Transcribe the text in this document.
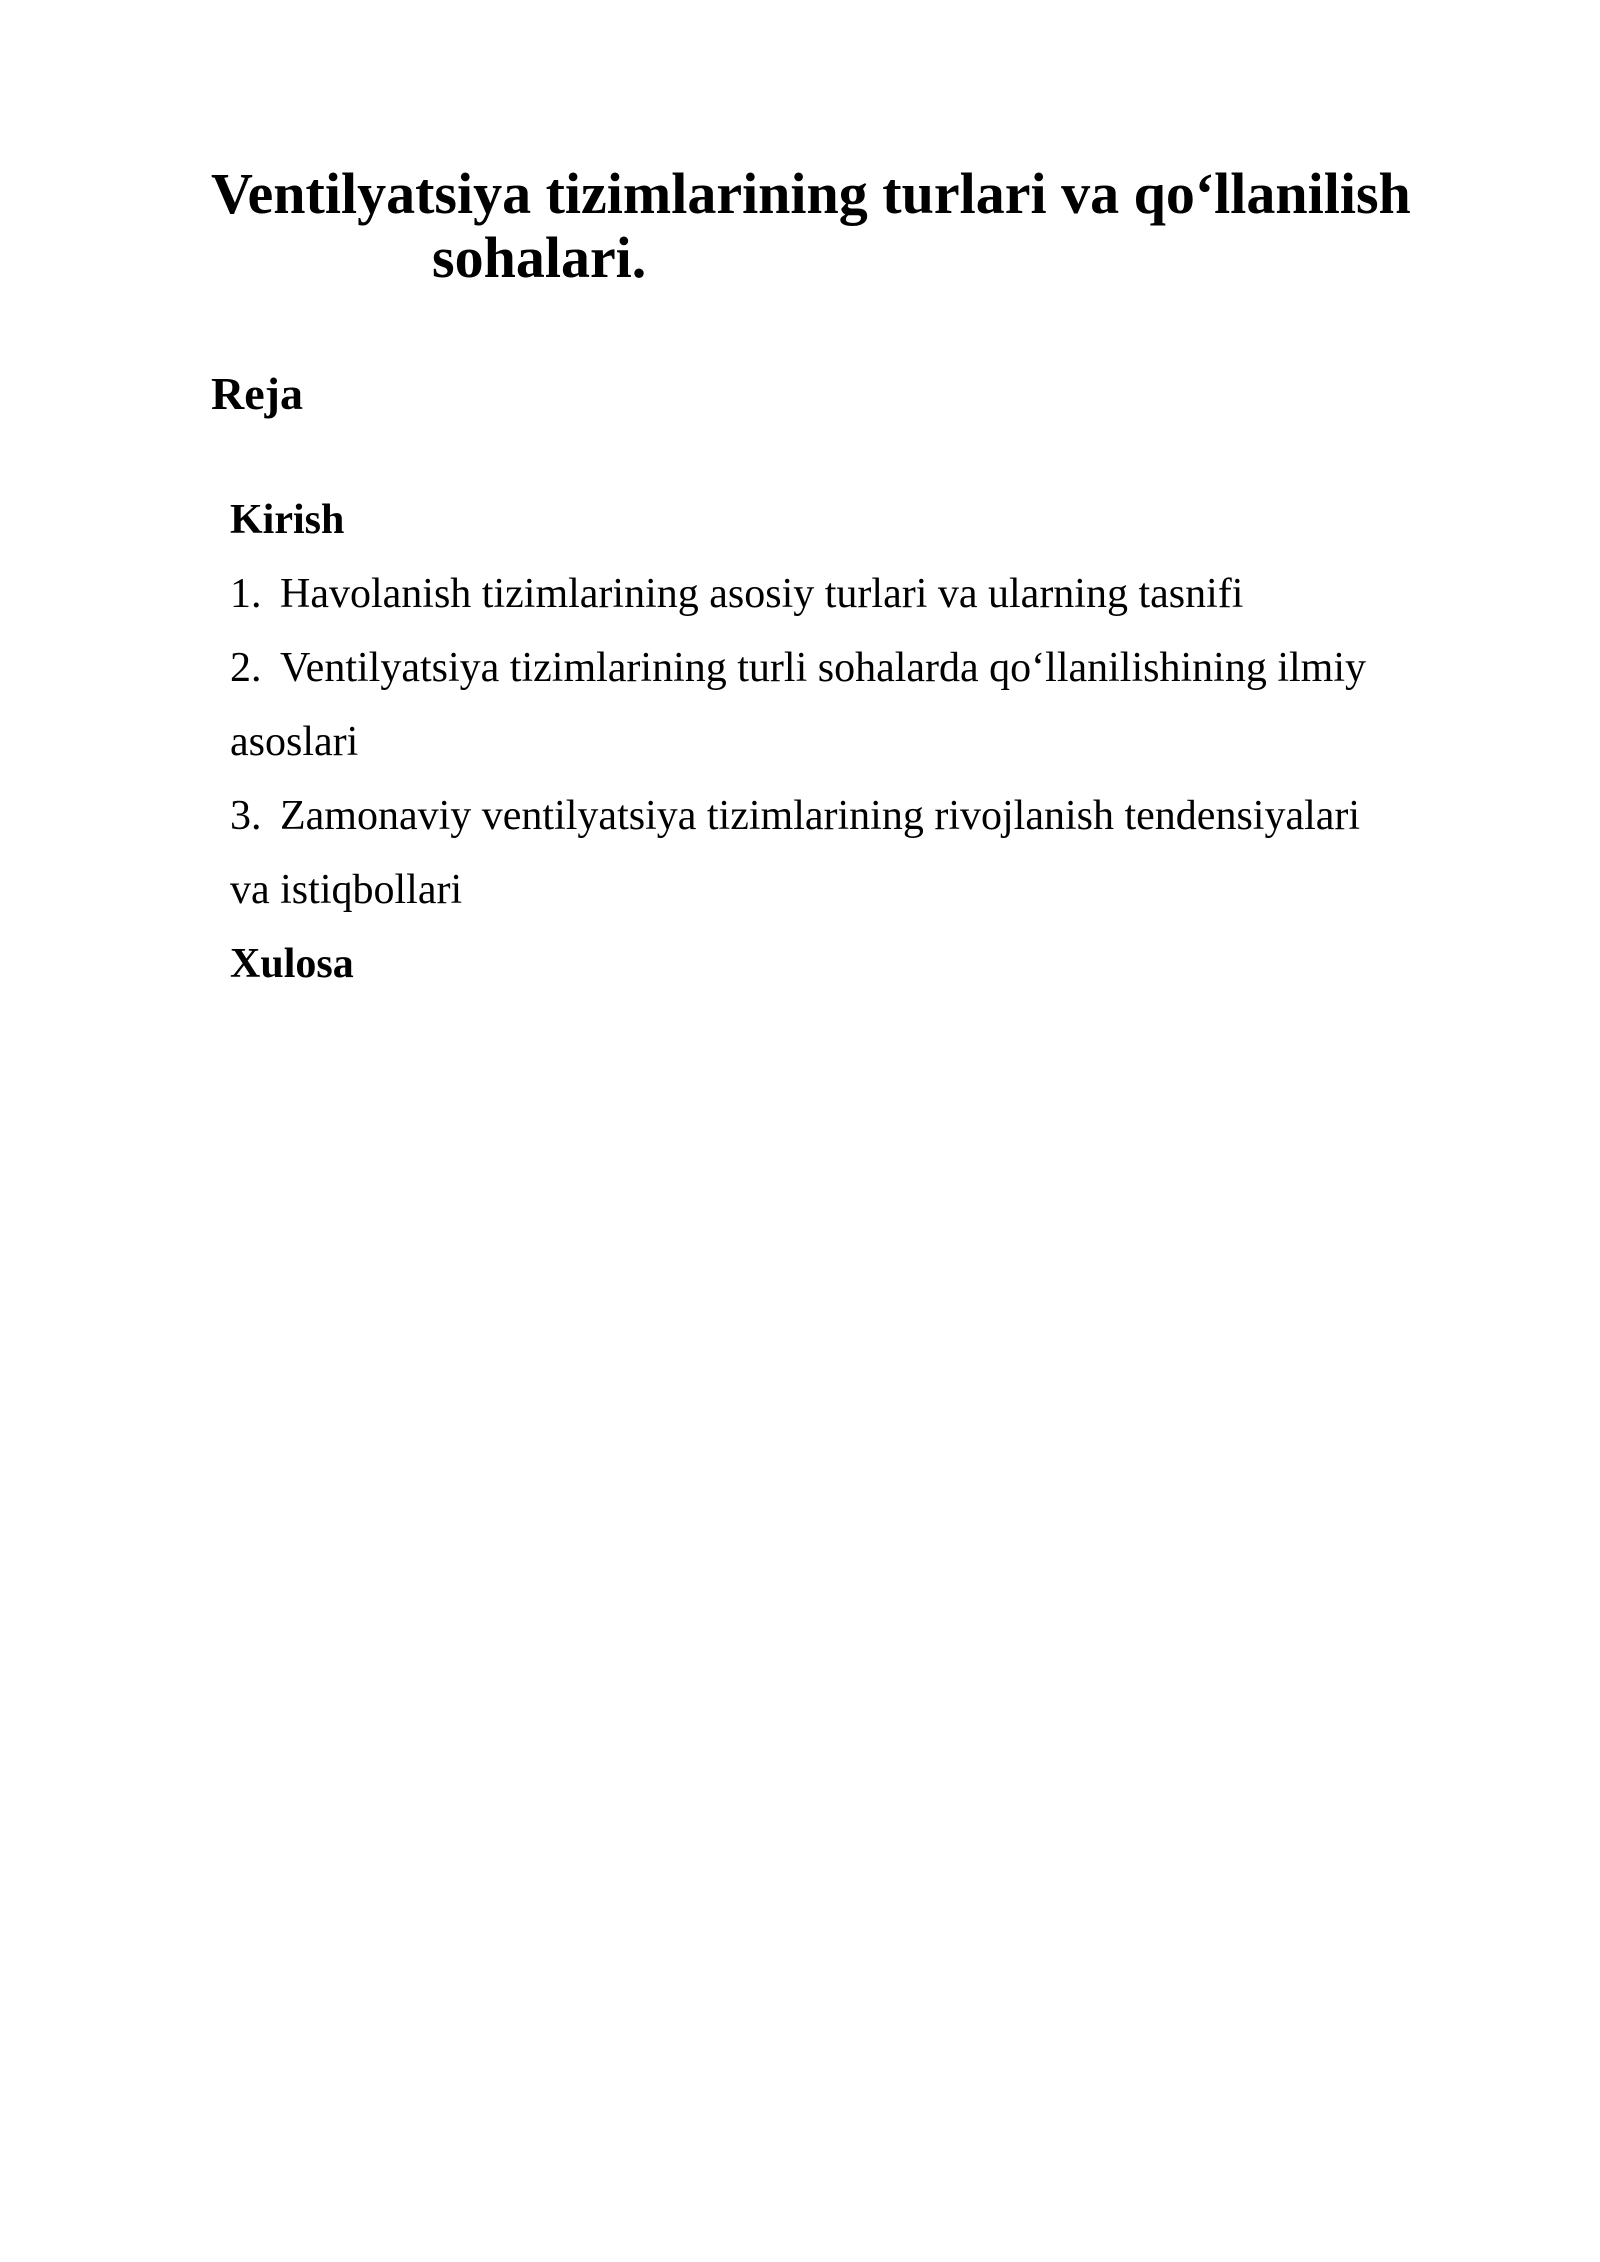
Ventilyatsiya tizimlarining turlari va qo‘llanilish
sohalari.
Reja
Kirish
1. Havolanish tizimlarining asosiy turlari va ularning tasnifi
2. Ventilyatsiya tizimlarining turli sohalarda qo‘llanilishining ilmiy
asoslari
3. Zamonaviy ventilyatsiya tizimlarining rivojlanish tendensiyalari
va istiqbollari
Xulosa
